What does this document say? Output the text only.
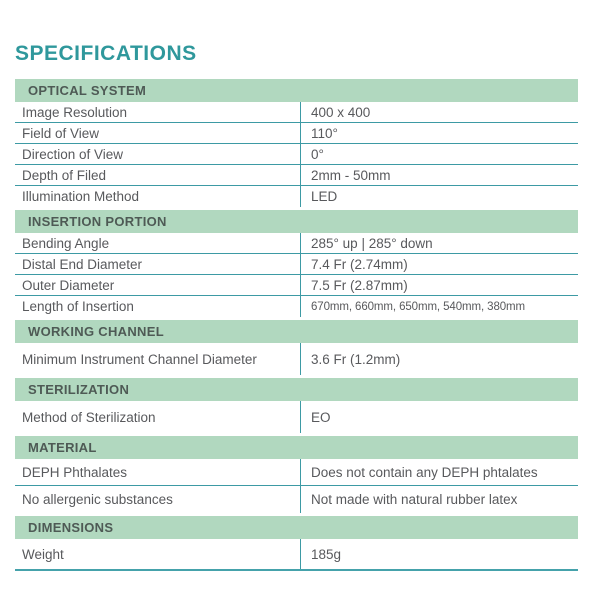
SPECIFICATIONS
OPTICAL SYSTEM
Image Resolution	400 x 400
Field of View	110°
Direction of View	0°
Depth of Filed	2mm - 50mm
Illumination Method	LED
INSERTION PORTION
Bending Angle	285° up | 285° down
Distal End Diameter	7.4 Fr (2.74mm)
Outer Diameter	7.5 Fr (2.87mm)
Length of Insertion	670mm, 660mm, 650mm, 540mm, 380mm
WORKING CHANNEL
Minimum Instrument Channel Diameter	3.6 Fr (1.2mm)
STERILIZATION
Method of Sterilization	EO
MATERIAL
DEPH Phthalates	Does not contain any DEPH phtalates
No allergenic substances	Not made with natural rubber latex
DIMENSIONS
Weight	185g
